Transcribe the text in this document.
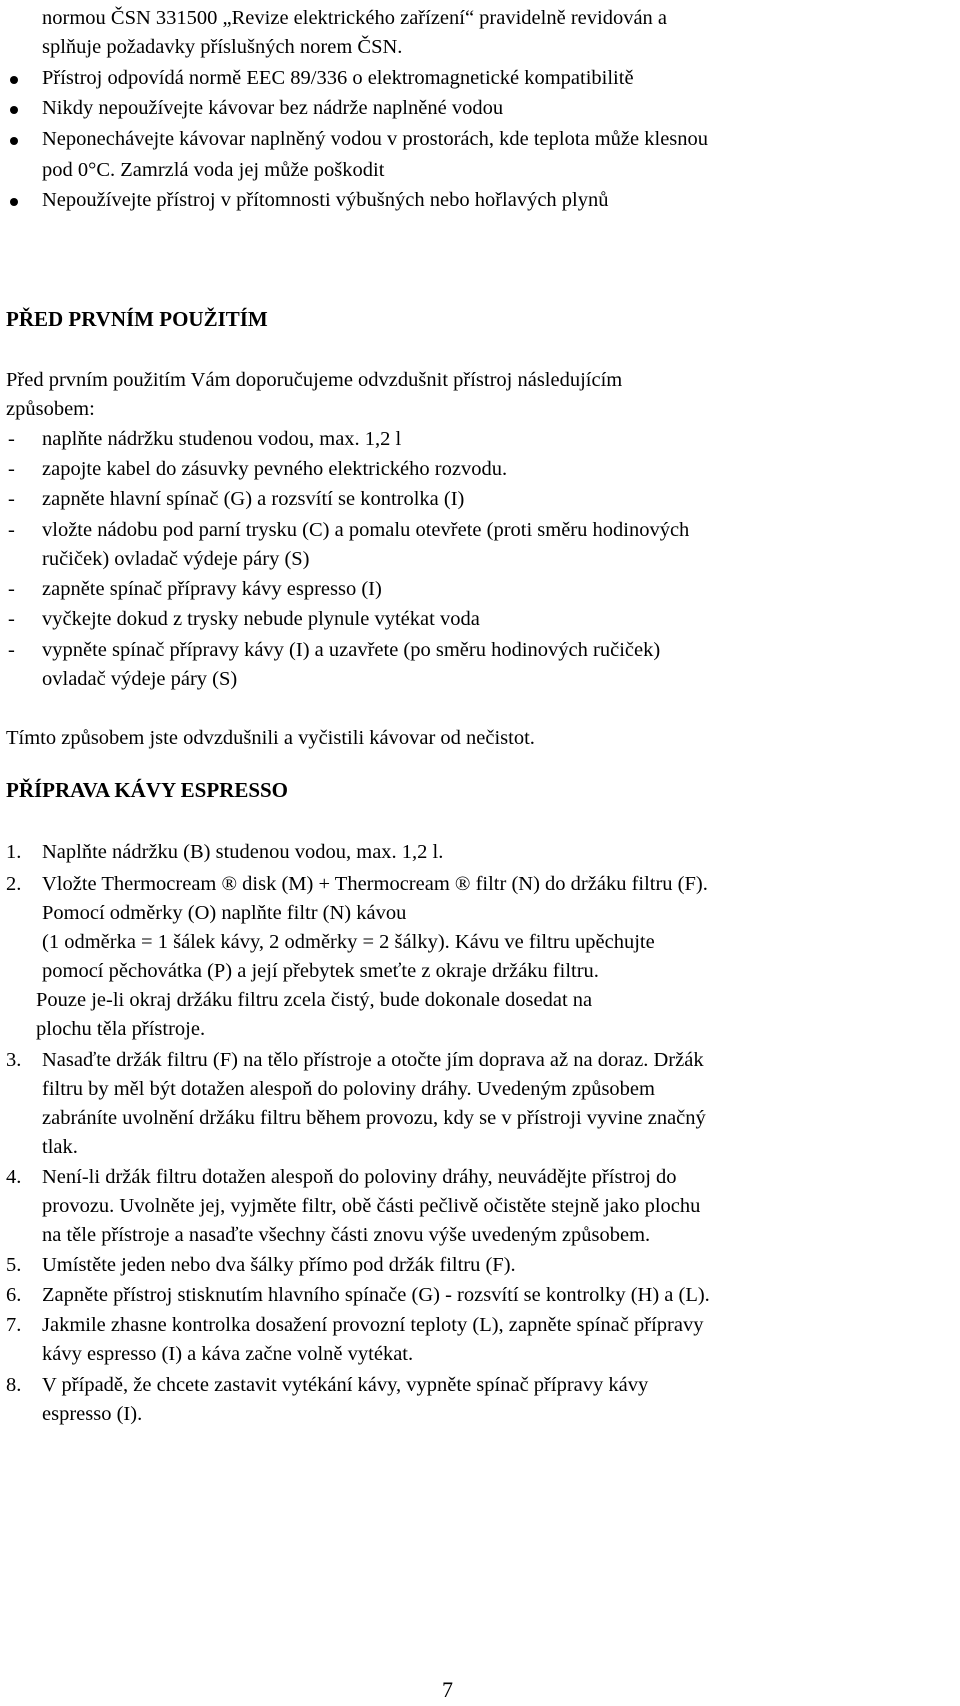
normou ČSN 331500 „Revize elektrického zařízení“ pravidelně revidován a
splňuje požadavky příslušných norem ČSN.
Přístroj odpovídá normě EEC 89/336 o elektromagnetické kompatibilitě
Nikdy nepoužívejte kávovar bez nádrže naplněné vodou
Neponechávejte kávovar naplněný vodou v prostorách, kde teplota může klesnou
pod 0°C. Zamrzlá voda jej může poškodit
Nepoužívejte přístroj v přítomnosti výbušných nebo hořlavých plynů
PŘED PRVNÍM POUŽITÍM
Před prvním použitím Vám doporučujeme odvzdušnit přístroj následujícím
způsobem:
- naplňte nádržku studenou vodou, max. 1,2 l
- zapojte kabel do zásuvky pevného elektrického rozvodu.
- zapněte hlavní spínač (G) a rozsvítí se kontrolka (I)
- vložte nádobu pod parní trysku (C) a pomalu otevřete (proti směru hodinových
ručiček) ovladač výdeje páry (S)
- zapněte spínač přípravy kávy espresso (I)
- vyčkejte dokud z trysky nebude plynule vytékat voda
- vypněte spínač přípravy kávy (I) a uzavřete (po směru hodinových ručiček)
ovladač výdeje páry (S)
Tímto způsobem jste odvzdušnili a vyčistili kávovar od nečistot.
PŘÍPRAVA KÁVY ESPRESSO
1. Naplňte nádržku (B) studenou vodou, max. 1,2 l.
2. Vložte Thermocream ® disk (M) + Thermocream ® filtr (N) do držáku filtru (F).
Pomocí odměrky (O) naplňte filtr (N) kávou
(1 odměrka = 1 šálek kávy, 2 odměrky = 2 šálky). Kávu ve filtru upěchujte
pomocí pěchovátka (P) a její přebytek smeťte z okraje držáku filtru.
Pouze je-li okraj držáku filtru zcela čistý, bude dokonale dosedat na
plochu těla přístroje.
3. Nasaďte držák filtru (F) na tělo přístroje a otočte jím doprava až na doraz. Držák
filtru by měl být dotažen alespoň do poloviny dráhy. Uvedeným způsobem
zabráníte uvolnění držáku filtru během provozu, kdy se v přístroji vyvine značný
tlak.
4. Není-li držák filtru dotažen alespoň do poloviny dráhy, neuvádějte přístroj do
provozu. Uvolněte jej, vyjměte filtr, obě části pečlivě očistěte stejně jako plochu
na těle přístroje a nasaďte všechny části znovu výše uvedeným způsobem.
5. Umístěte jeden nebo dva šálky přímo pod držák filtru (F).
6. Zapněte přístroj stisknutím hlavního spínače (G) - rozsvítí se kontrolky (H) a (L).
7. Jakmile zhasne kontrolka dosažení provozní teploty (L), zapněte spínač přípravy
kávy espresso (I) a káva začne volně vytékat.
8. V případě, že chcete zastavit vytékání kávy, vypněte spínač přípravy kávy
espresso (I).
7
